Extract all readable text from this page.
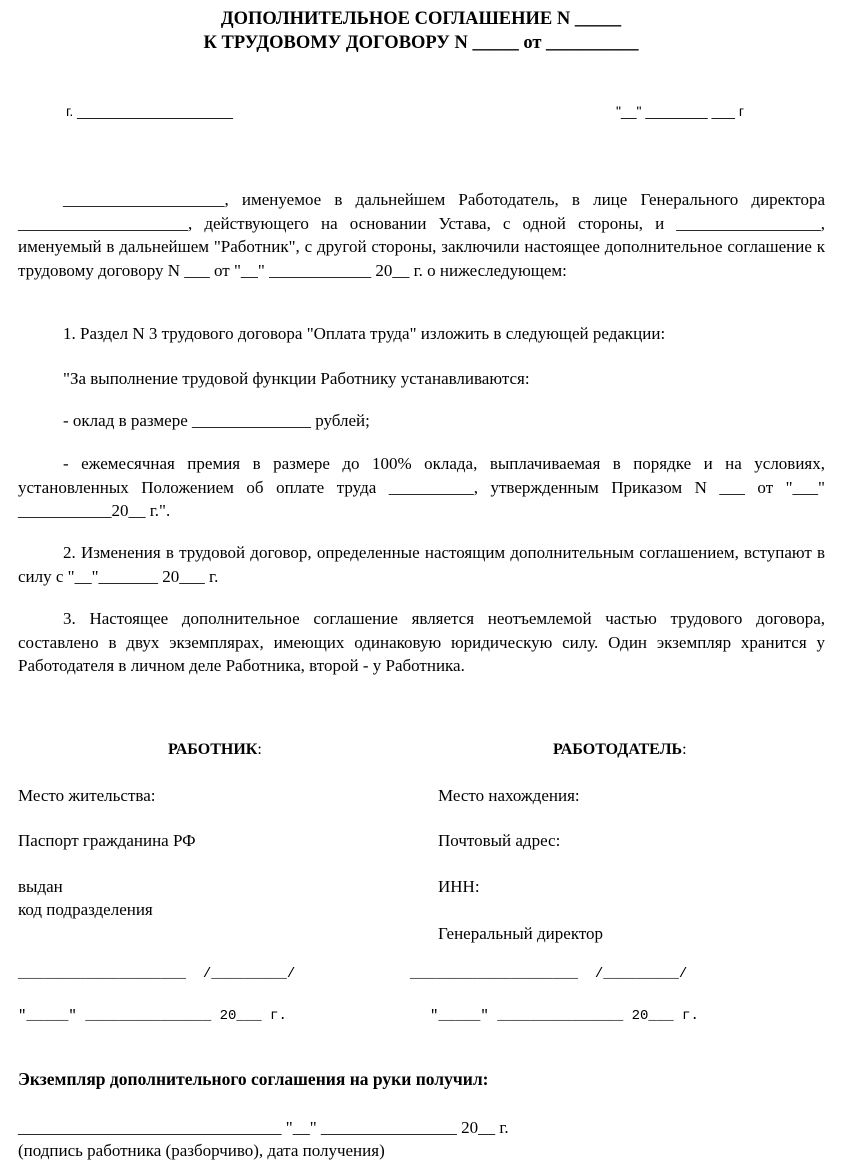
ДОПОЛНИТЕЛЬНОЕ СОГЛАШЕНИЕ N _____
К ТРУДОВОМУ ДОГОВОРУ N _____ от __________
г. ____________________	"__" ________ ___ г
___________________, именуемое в дальнейшем Работодатель, в лице Генерального директора ____________________, действующего на основании Устава, с одной стороны, и _________________, именуемый в дальнейшем "Работник", с другой стороны, заключили настоящее дополнительное соглашение к трудовому договору N ___ от "__" ____________ 20__ г. о нижеследующем:
1. Раздел N 3 трудового договора "Оплата труда" изложить в следующей редакции:
"За выполнение трудовой функции Работнику устанавливаются:
- оклад в размере ______________ рублей;
- ежемесячная премия в размере до 100% оклада, выплачиваемая в порядке и на условиях, установленных Положением об оплате труда __________, утвержденным Приказом N ___ от "___" ___________20__ г.".
2. Изменения в трудовой договор, определенные настоящим дополнительным соглашением, вступают в силу с "__"_______ 20___ г.
3. Настоящее дополнительное соглашение является неотъемлемой частью трудового договора, составлено в двух экземплярах, имеющих одинаковую юридическую силу. Один экземпляр хранится у Работодателя в личном деле Работника, второй - у Работника.
РАБОТНИК:
Место жительства:
Паспорт гражданина РФ
выдан
код подразделения
____________________  /_________/
"_____" _______________ 20___ г.
РАБОТОДАТЕЛЬ:
Место нахождения:
Почтовый адрес:
ИНН:
Генеральный директор
____________________  /_________/
"_____" _______________ 20___ г.
Экземпляр дополнительного соглашения на руки получил:
_______________________________ "__" ________________ 20__ г.
(подпись работника (разборчиво), дата получения)
